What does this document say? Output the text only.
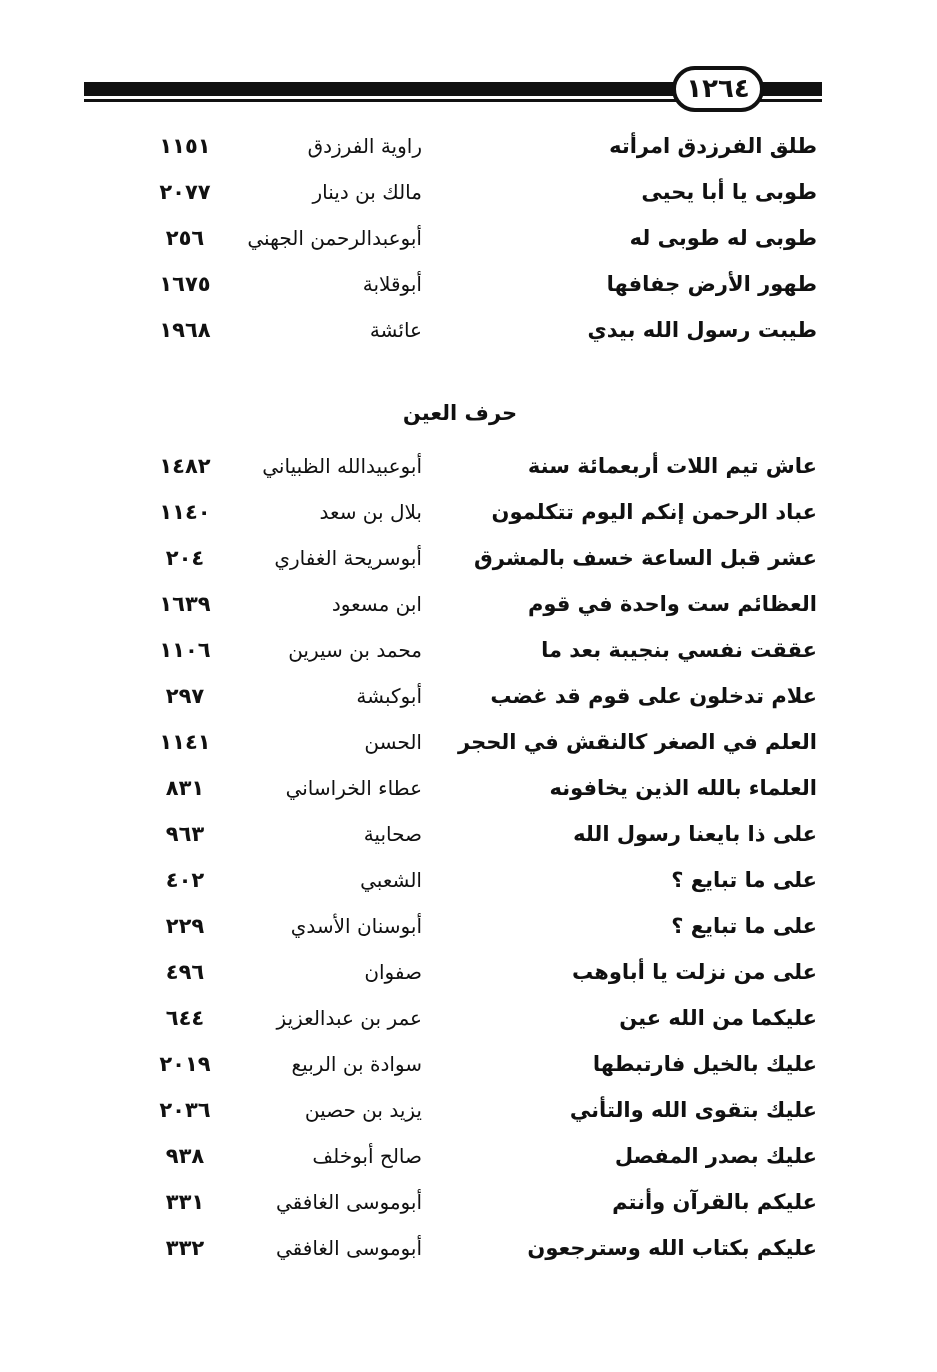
١٢٦٤
طلق الفرزدق امرأته
راوية الفرزدق
١١٥١
طوبى يا أبا يحيى
مالك بن دينار
٢٠٧٧
طوبى له طوبى له
أبوعبدالرحمن الجهني
٢٥٦
طهور الأرض جفافها
أبوقلابة
١٦٧٥
طيبت رسول الله بيدي
عائشة
١٩٦٨
حرف العين
عاش تيم اللات أربعمائة سنة
أبوعبيدالله الظبياني
١٤٨٢
عباد الرحمن إنكم اليوم تتكلمون
بلال بن سعد
١١٤٠
عشر قبل الساعة خسف بالمشرق
أبوسريحة الغفاري
٢٠٤
العظائم ست واحدة في قوم
ابن مسعود
١٦٣٩
عققت نفسي بنجيبة بعد ما
محمد بن سيرين
١١٠٦
علام تدخلون على قوم قد غضب
أبوكبشة
٢٩٧
العلم في الصغر كالنقش في الحجر
الحسن
١١٤١
العلماء بالله الذين يخافونه
عطاء الخراساني
٨٣١
على ذا بايعنا رسول الله
صحابية
٩٦٣
على ما تبايع ؟
الشعبي
٤٠٢
على ما تبايع ؟
أبوسنان الأسدي
٢٢٩
على من نزلت يا أباوهب
صفوان
٤٩٦
عليكما من الله عين
عمر بن عبدالعزيز
٦٤٤
عليك بالخيل فارتبطها
سوادة بن الربيع
٢٠١٩
عليك بتقوى الله والتأني
يزيد بن حصين
٢٠٣٦
عليك بصدر المفصل
صالح أبوخلف
٩٣٨
عليكم بالقرآن وأنتم
أبوموسى الغافقي
٣٣١
عليكم بكتاب الله وسترجعون
أبوموسى الغافقي
٣٣٢
